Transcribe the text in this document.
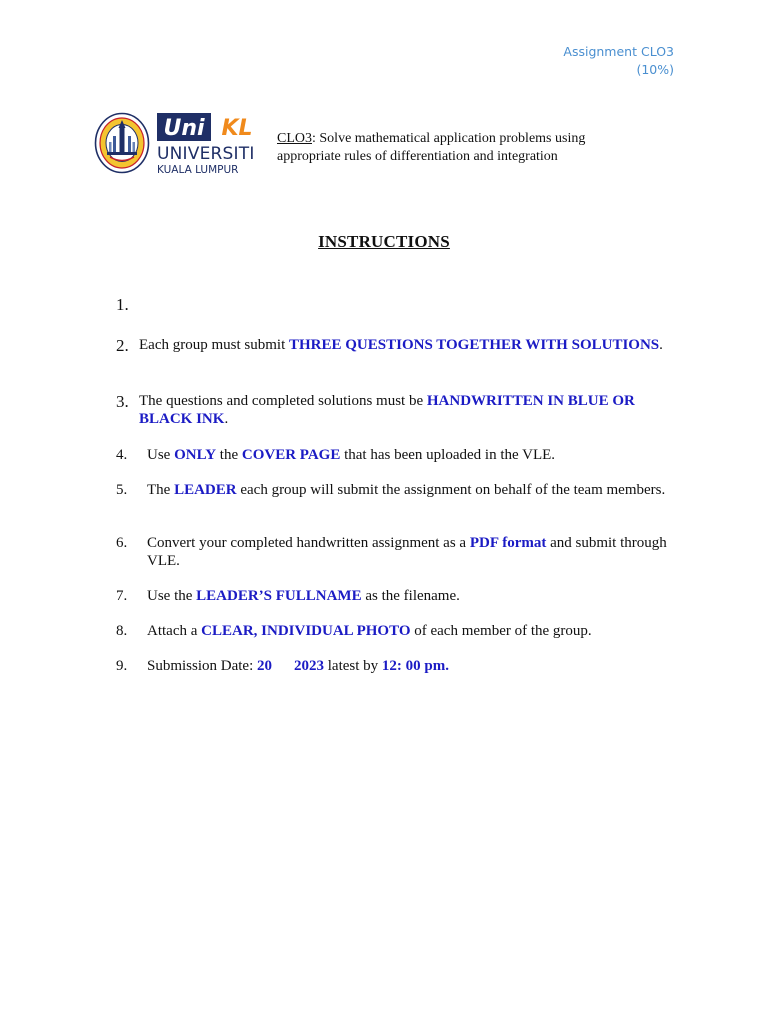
Assignment CLO3
(10%)
Uni KL
UNIVERSITI
KUALA LUMPUR
CLO3: Solve mathematical application problems using appropriate rules of differentiation and integration
INSTRUCTIONS
1.
2. Each group must submit THREE QUESTIONS TOGETHER WITH SOLUTIONS.
3. The questions and completed solutions must be HANDWRITTEN IN BLUE OR BLACK INK.
4.	Use ONLY the COVER PAGE that has been uploaded in the VLE.
5.	The LEADER each group will submit the assignment on behalf of the team members.
6.	Convert your completed handwritten assignment as a PDF format and submit through VLE.
7.	Use the LEADER’S FULLNAME as the filename.
8.	Attach a CLEAR, INDIVIDUAL PHOTO of each member of the group.
9.	Submission Date: 20 2023 latest by 12: 00 pm.
